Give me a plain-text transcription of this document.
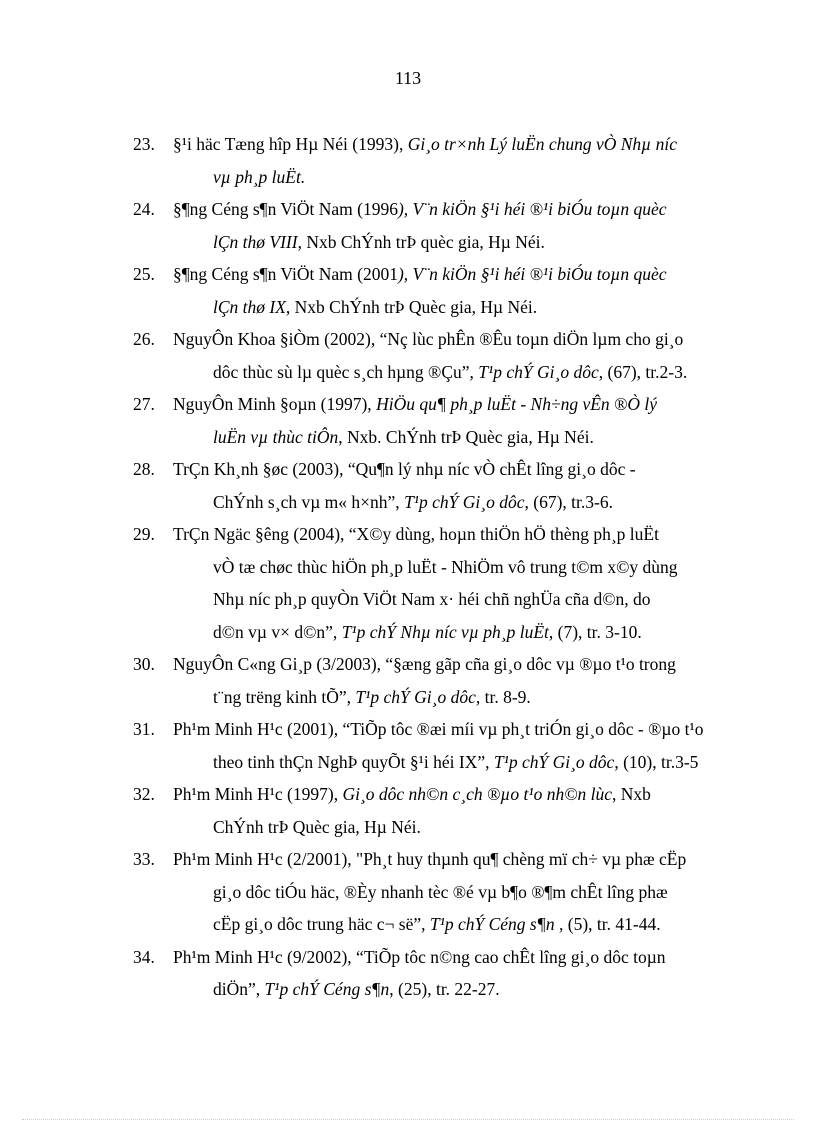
113
23. §¹i häc Tæng hîp Hµ Néi (1993), Gi¸o tr×nh Lý luËn chung vÒ Nhµ níc
vµ ph¸p luËt.
24. §¶ng Céng s¶n ViÖt Nam (1996), V¨n kiÖn §¹i héi ®¹i biÓu toµn quèc
lÇn thø VIII, Nxb ChÝnh trÞ quèc gia, Hµ Néi.
25. §¶ng Céng s¶n ViÖt Nam (2001), V¨n kiÖn §¹i héi ®¹i biÓu toµn quèc
lÇn thø IX, Nxb ChÝnh trÞ Quèc gia, Hµ Néi.
26. NguyÔn Khoa §iÒm (2002), “Nç lùc phÊn ®Êu toµn diÖn lµm cho gi¸o
dôc thùc sù lµ quèc s¸ch hµng ®Çu”, T¹p chÝ Gi¸o dôc, (67), tr.2-3.
27. NguyÔn Minh §oµn (1997), HiÖu qu¶ ph¸p luËt - Nh÷ng vÊn ®Ò lý
luËn vµ thùc tiÔn, Nxb. ChÝnh trÞ Quèc gia, Hµ Néi.
28. TrÇn Kh¸nh §øc (2003), “Qu¶n lý nhµ níc vÒ chÊt lîng gi¸o dôc -
ChÝnh s¸ch vµ m« h×nh”, T¹p chÝ Gi¸o dôc, (67), tr.3-6.
29. TrÇn Ngäc §êng (2004), “X©y dùng, hoµn thiÖn hÖ thèng ph¸p luËt
vÒ tæ chøc thùc hiÖn ph¸p luËt - NhiÖm vô trung t©m x©y dùng
Nhµ níc ph¸p quyÒn ViÖt Nam x· héi chñ nghÜa cña d©n, do
d©n vµ v× d©n”, T¹p chÝ Nhµ níc vµ ph¸p luËt, (7), tr. 3-10.
30. NguyÔn C«ng Gi¸p (3/2003), “§æng gãp cña gi¸o dôc vµ ®µo t¹o trong
t¨ng trëng kinh tÕ”, T¹p chÝ Gi¸o dôc, tr. 8-9.
31. Ph¹m Minh H¹c (2001), “TiÕp tôc ®æi míi vµ ph¸t triÓn gi¸o dôc - ®µo t¹o
theo tinh thÇn NghÞ quyÕt §¹i héi IX”, T¹p chÝ Gi¸o dôc, (10), tr.3-5
32. Ph¹m Minh H¹c (1997), Gi¸o dôc nh©n c¸ch ®µo t¹o nh©n lùc, Nxb
ChÝnh trÞ Quèc gia, Hµ Néi.
33. Ph¹m Minh H¹c (2/2001), "Ph¸t huy thµnh qu¶ chèng mï ch÷ vµ phæ cËp
gi¸o dôc tiÓu häc, ®Èy nhanh tèc ®é vµ b¶o ®¶m chÊt lîng phæ
cËp gi¸o dôc trung häc c¬ së”, T¹p chÝ Céng s¶n , (5), tr. 41-44.
34. Ph¹m Minh H¹c (9/2002), “TiÕp tôc n©ng cao chÊt lîng gi¸o dôc toµn
diÖn”, T¹p chÝ Céng s¶n, (25), tr. 22-27.
